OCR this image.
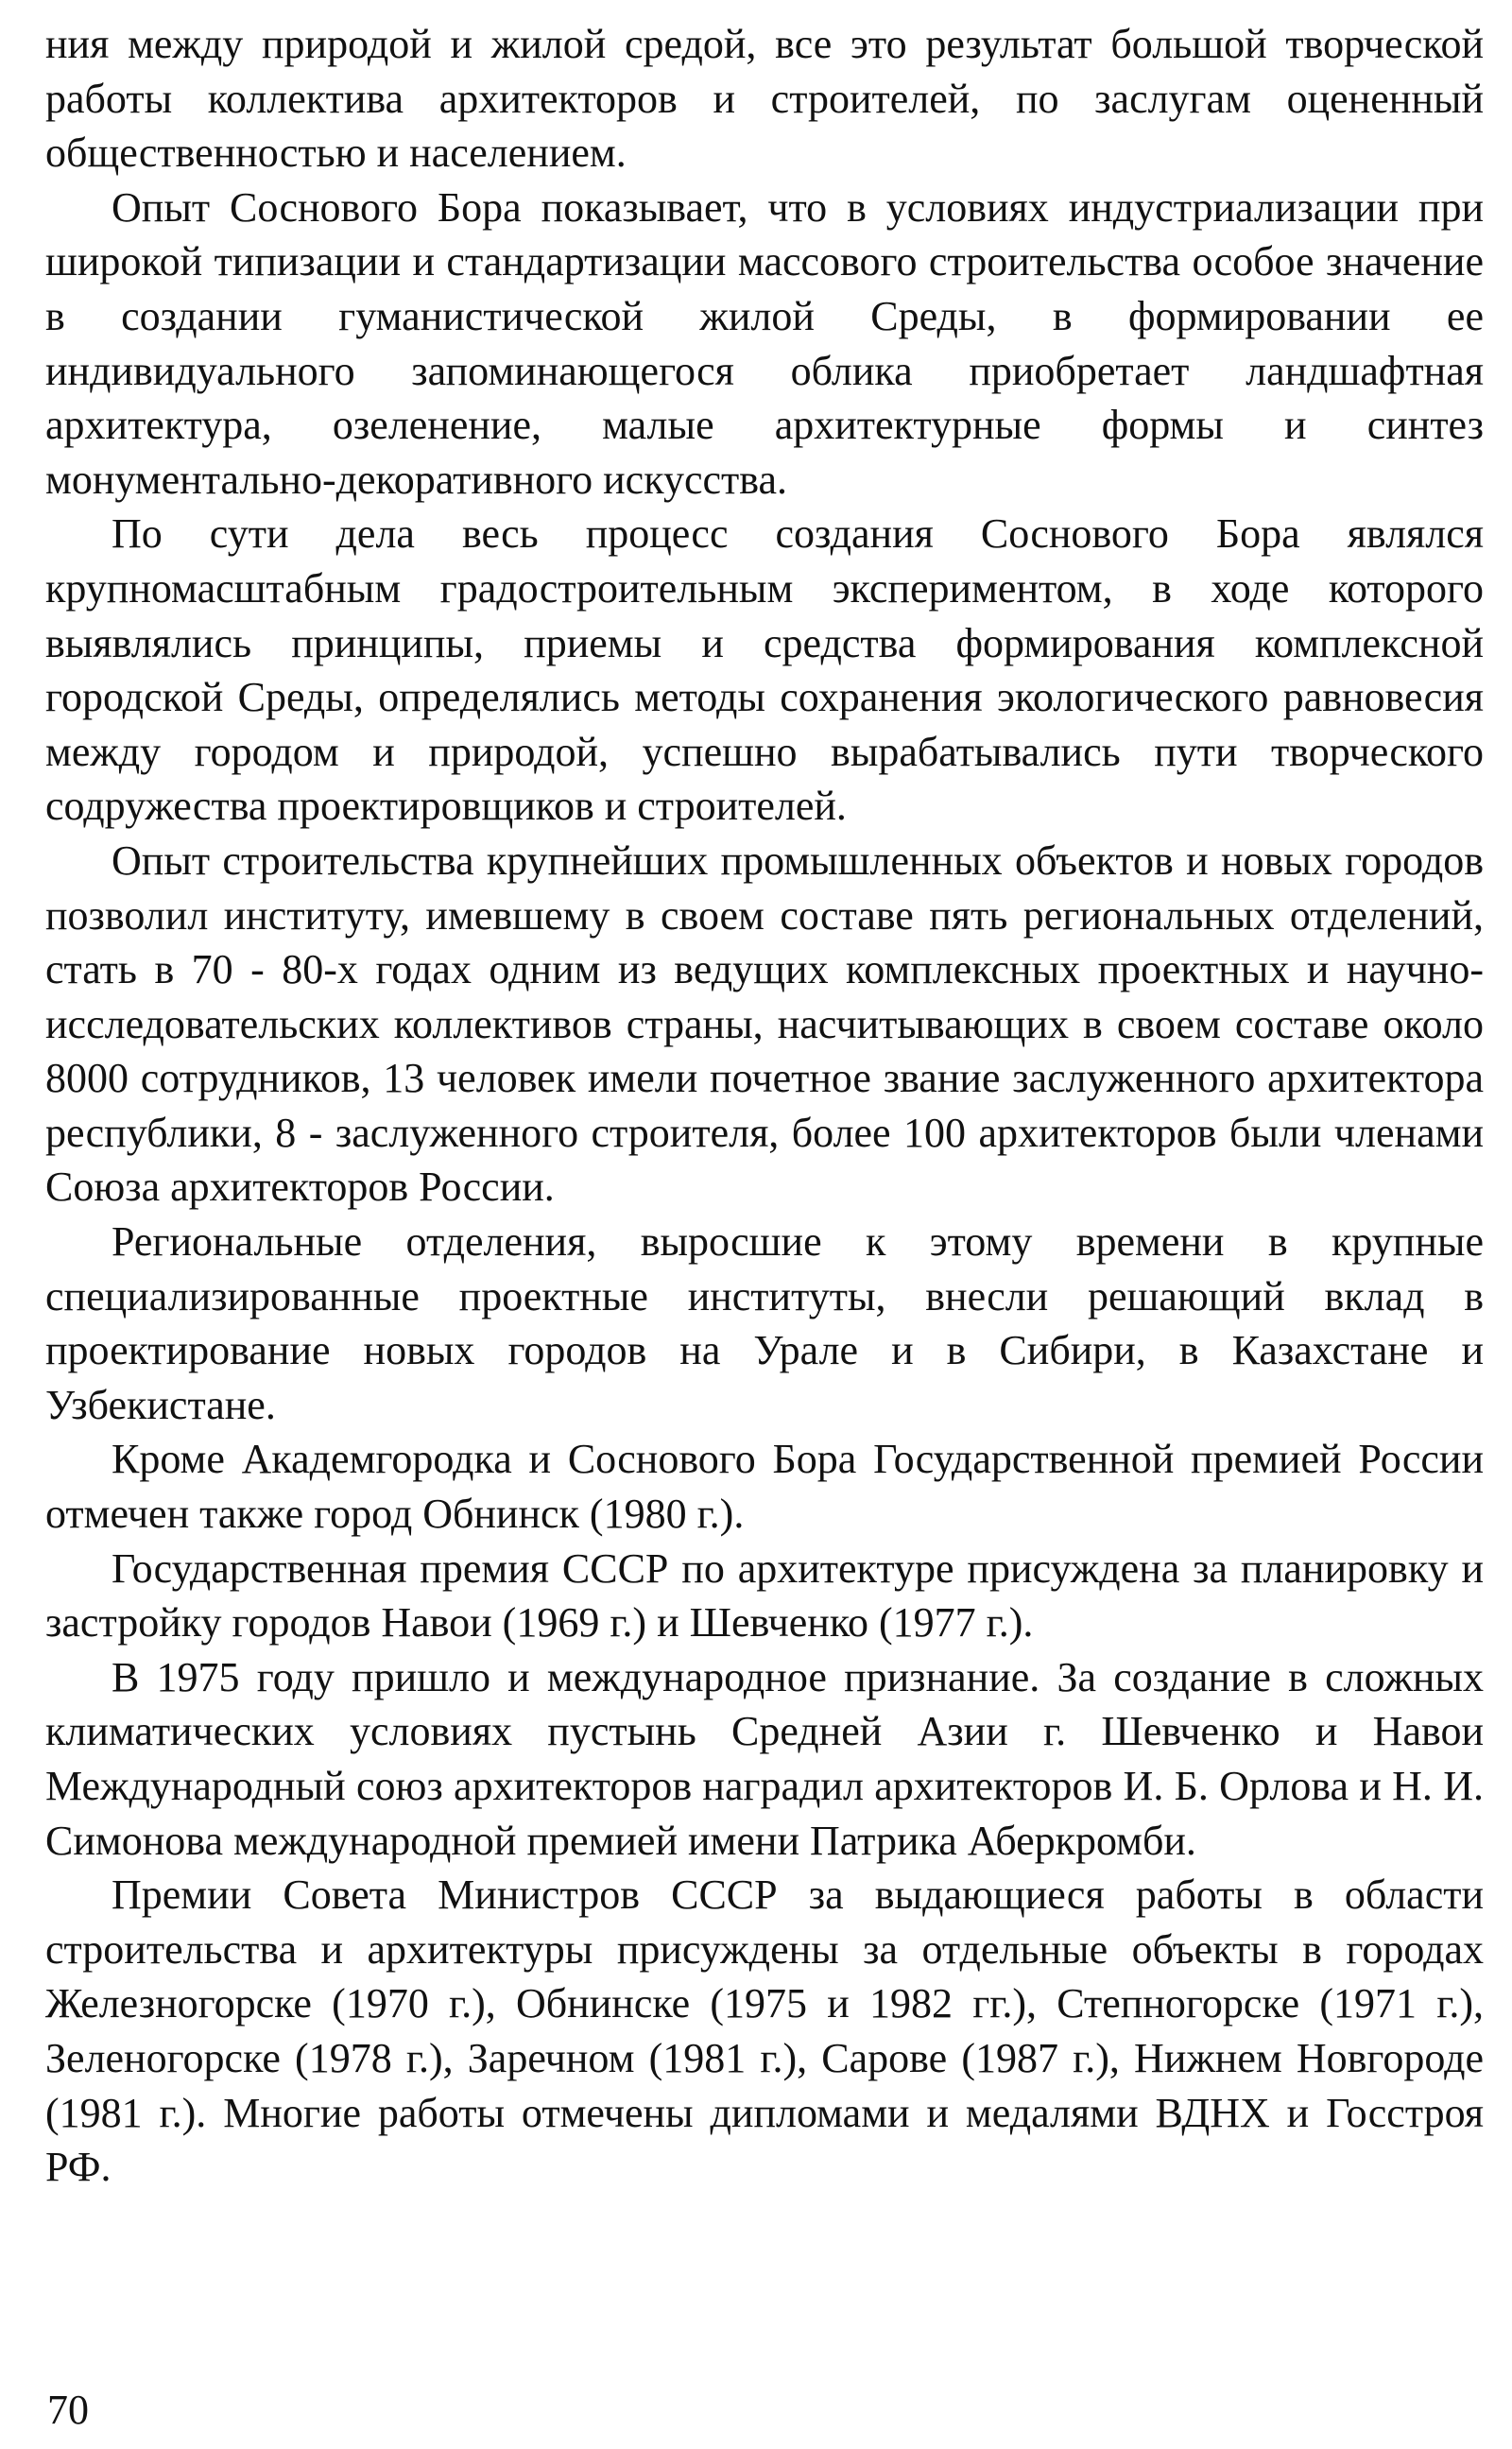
ния между природой и жилой средой, все это результат большой творческой работы коллектива архитекторов и строителей, по заслугам оцененный общественностью и населением.

Опыт Соснового Бора показывает, что в условиях индустриализации при широкой типизации и стандартизации массового строительства особое значение в создании гуманистической жилой Среды, в формировании ее индивидуального запоминающегося облика приобретает ландшафтная архитектура, озеленение, малые архитектурные формы и синтез монументально-декоративного искусства.

По сути дела весь процесс создания Соснового Бора являлся крупномасштабным градостроительным экспериментом, в ходе которого выявлялись принципы, приемы и средства формирования комплексной городской Среды, определялись методы сохранения экологического равновесия между городом и природой, успешно вырабатывались пути творческого содружества проектировщиков и строителей.

Опыт строительства крупнейших промышленных объектов и новых городов позволил институту, имевшему в своем составе пять региональных отделений, стать в 70 - 80-х годах одним из ведущих комплексных проектных и научно-исследовательских коллективов страны, насчитывающих в своем составе около 8000 сотрудников, 13 человек имели почетное звание заслуженного архитектора республики, 8 - заслуженного строителя, более 100 архитекторов были членами Союза архитекторов России.

Региональные отделения, выросшие к этому времени в крупные специализированные проектные институты, внесли решающий вклад в проектирование новых городов на Урале и в Сибири, в Казахстане и Узбекистане.

Кроме Академгородка и Соснового Бора Государственной премией России отмечен также город Обнинск (1980 г.).

Государственная премия СССР по архитектуре присуждена за планировку и застройку городов Навои (1969 г.) и Шевченко (1977 г.).

В 1975 году пришло и международное признание. За создание в сложных климатических условиях пустынь Средней Азии г. Шевченко и Навои Международный союз архитекторов наградил архитекторов И. Б. Орлова и Н. И. Симонова международной премией имени Патрика Аберкромби.

Премии Совета Министров СССР за выдающиеся работы в области строительства и архитектуры присуждены за отдельные объекты в городах Железногорске (1970 г.), Обнинске (1975 и 1982 гг.), Степногорске (1971 г.), Зеленогорске (1978 г.), Заречном (1981 г.), Сарове (1987 г.), Нижнем Новгороде (1981 г.). Многие работы отмечены дипломами и медалями ВДНХ и Госстроя РФ.

70
